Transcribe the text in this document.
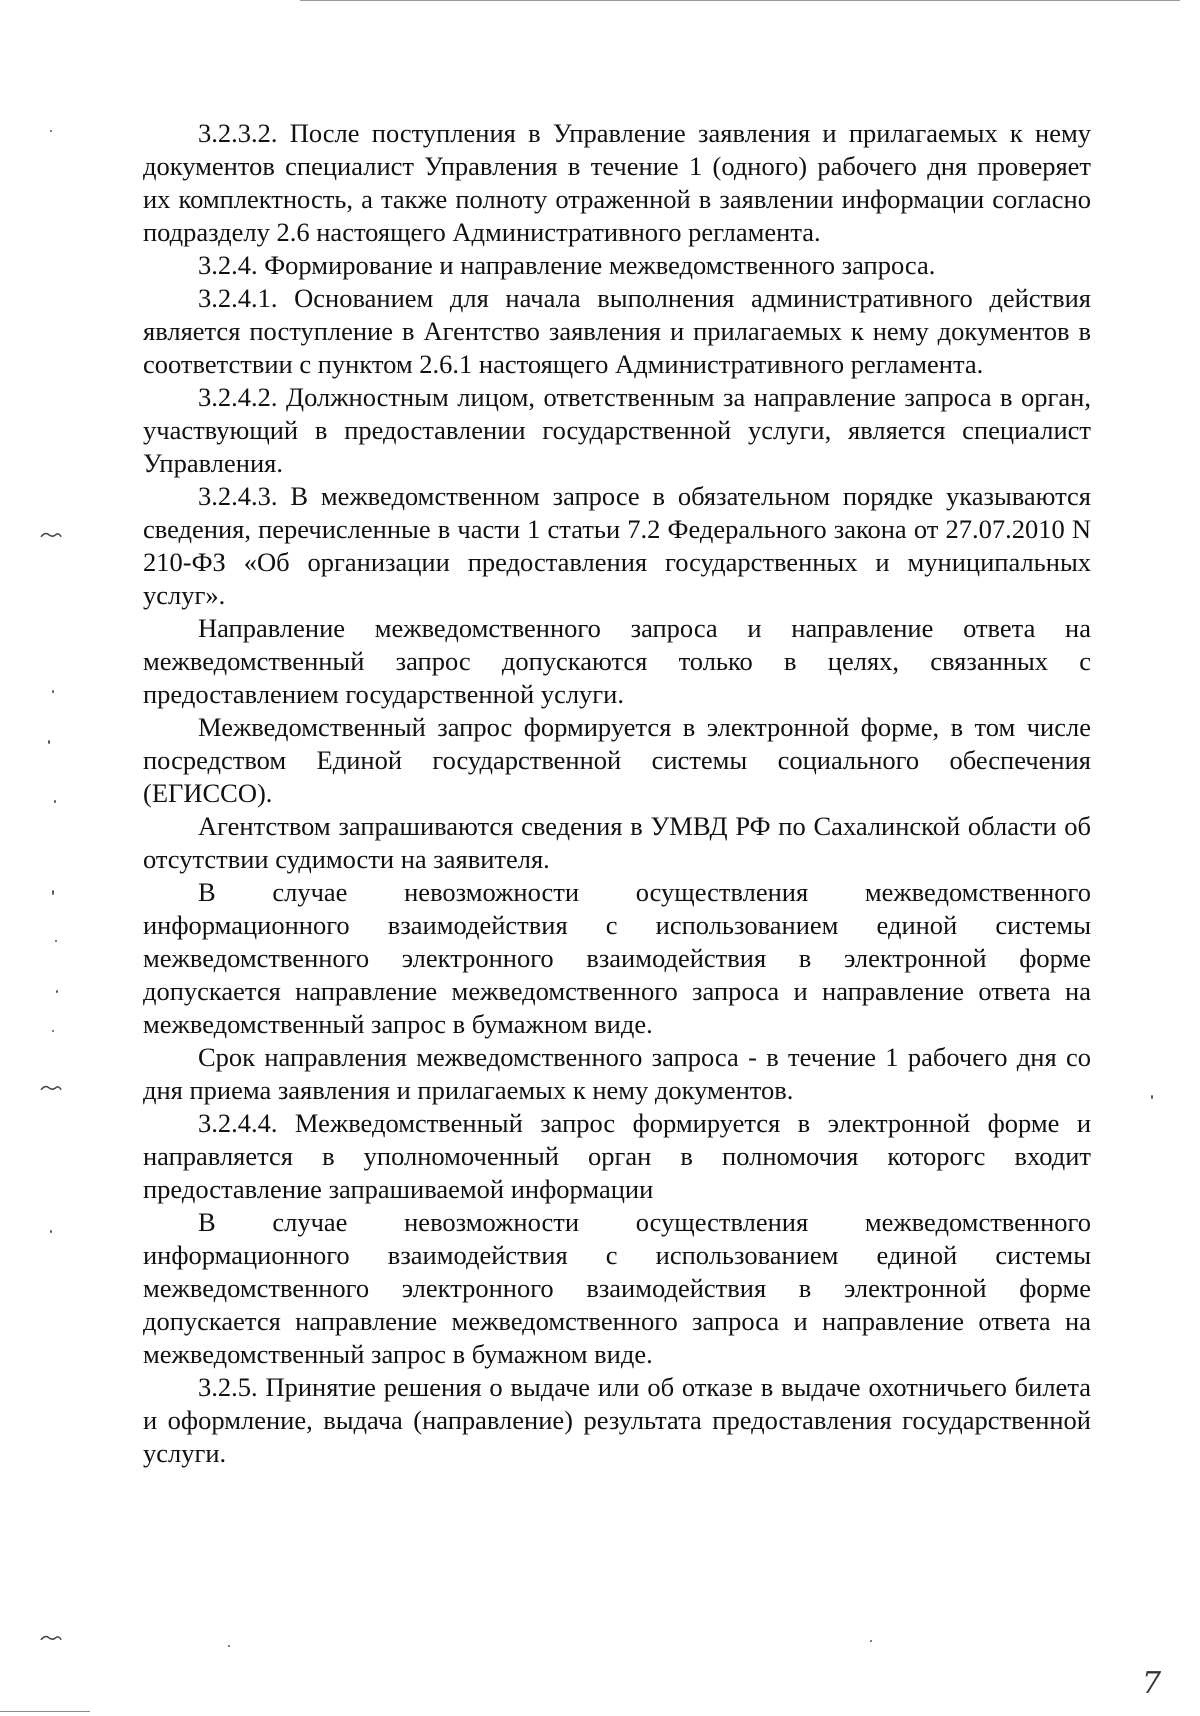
3.2.3.2. После поступления в Управление заявления и прилагаемых к нему документов специалист Управления в течение 1 (одного) рабочего дня проверяет их комплектность, а также полноту отраженной в заявлении информации согласно подразделу 2.6 настоящего Административного регламента.

3.2.4. Формирование и направление межведомственного запроса.

3.2.4.1. Основанием для начала выполнения административного действия является поступление в Агентство заявления и прилагаемых к нему документов в соответствии с пунктом 2.6.1 настоящего Административного регламента.

3.2.4.2. Должностным лицом, ответственным за направление запроса в орган, участвующий в предоставлении государственной услуги, является специалист Управления.

3.2.4.3. В межведомственном запросе в обязательном порядке указываются сведения, перечисленные в части 1 статьи 7.2 Федерального закона от 27.07.2010 N 210-ФЗ «Об организации предоставления государственных и муниципальных услуг».

Направление межведомственного запроса и направление ответа на межведомственный запрос допускаются только в целях, связанных с предоставлением государственной услуги.

Межведомственный запрос формируется в электронной форме, в том числе посредством Единой государственной системы социального обеспечения (ЕГИССО).

Агентством запрашиваются сведения в УМВД РФ по Сахалинской области об отсутствии судимости на заявителя.

В случае невозможности осуществления межведомственного информационного взаимодействия с использованием единой системы межведомственного электронного взаимодействия в электронной форме допускается направление межведомственного запроса и направление ответа на межведомственный запрос в бумажном виде.

Срок направления межведомственного запроса - в течение 1 рабочего дня со дня приема заявления и прилагаемых к нему документов.

3.2.4.4. Межведомственный запрос формируется в электронной форме и направляется в уполномоченный орган в полномочия которогс входит предоставление запрашиваемой информации

В случае невозможности осуществления межведомственного информационного взаимодействия с использованием единой системы межведомственного электронного взаимодействия в электронной форме допускается направление межведомственного запроса и направление ответа на межведомственный запрос в бумажном виде.

3.2.5. Принятие решения о выдаче или об отказе в выдаче охотничьего билета и оформление, выдача (направление) результата предоставления государственной услуги.

7
